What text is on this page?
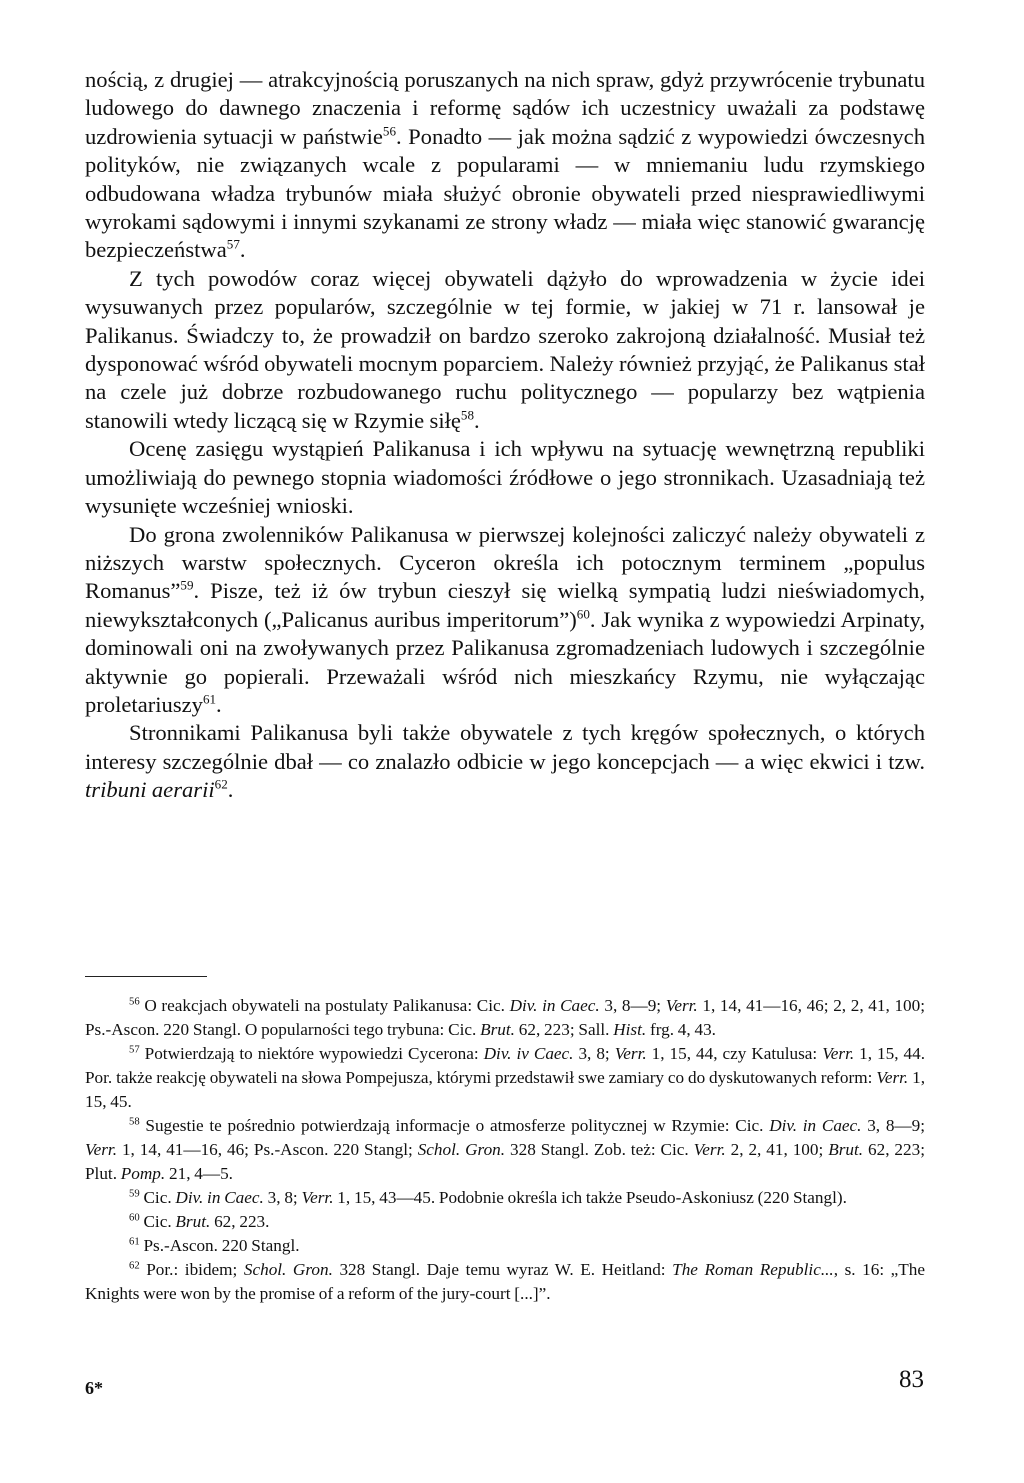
nością, z drugiej — atrakcyjnością poruszanych na nich spraw, gdyż przywrócenie trybunatu ludowego do dawnego znaczenia i reformę sądów ich uczestnicy uważali za podstawę uzdrowienia sytuacji w państwie$^{56}$. Ponadto — jak można sądzić z wypowiedzi ówczesnych polityków, nie związanych wcale z popularami — w mniemaniu ludu rzymskiego odbudowana władza trybunów miała służyć obronie obywateli przed niesprawiedliwymi wyrokami sądowymi i innymi szykanami ze strony władz — miała więc stanowić gwarancję bezpieczeństwa$^{57}$.

Z tych powodów coraz więcej obywateli dążyło do wprowadzenia w życie idei wysuwanych przez popularów, szczególnie w tej formie, w jakiej w 71 r. lansował je Palikanus. Świadczy to, że prowadził on bardzo szeroko zakrojoną działalność. Musiał też dysponować wśród obywateli mocnym poparciem. Należy również przyjąć, że Palikanus stał na czele już dobrze rozbudowanego ruchu politycznego — popularzy bez wątpienia stanowili wtedy liczącą się w Rzymie siłę$^{58}$.

Ocenę zasięgu wystąpień Palikanusa i ich wpływu na sytuację wewnętrzną republiki umożliwiają do pewnego stopnia wiadomości źródłowe o jego stronnikach. Uzasadniają też wysunięte wcześniej wnioski.

Do grona zwolenników Palikanusa w pierwszej kolejności zaliczyć należy obywateli z niższych warstw społecznych. Cyceron określa ich potocznym terminem „populus Romanus”$^{59}$. Pisze, też iż ów trybun cieszył się wielką sympatią ludzi nieświadomych, niewykształconych („Palicanus auribus imperitorum”)$^{60}$. Jak wynika z wypowiedzi Arpinaty, dominowali oni na zwoływanych przez Palikanusa zgromadzeniach ludowych i szczególnie aktywnie go popierali. Przeważali wśród nich mieszkańcy Rzymu, nie wyłączając proletariuszy$^{61}$.

Stronnikami Palikanusa byli także obywatele z tych kręgów społecznych, o których interesy szczególnie dbał — co znalazło odbicie w jego koncepcjach — a więc ekwici i tzw. tribuni aerarii$^{62}$.

$^{56}$ O reakcjach obywateli na postulaty Palikanusa: Cic. Div. in Caec. 3, 8—9; Verr. 1, 14, 41—16, 46; 2, 2, 41, 100; Ps.-Ascon. 220 Stangl. O popularności tego trybuna: Cic. Brut. 62, 223; Sall. Hist. frg. 4, 43.

$^{57}$ Potwierdzają to niektóre wypowiedzi Cycerona: Div. iv Caec. 3, 8; Verr. 1, 15, 44, czy Katulusa: Verr. 1, 15, 44. Por. także reakcję obywateli na słowa Pompejusza, którymi przedstawił swe zamiary co do dyskutowanych reform: Verr. 1, 15, 45.

$^{58}$ Sugestie te pośrednio potwierdzają informacje o atmosferze politycznej w Rzymie: Cic. Div. in Caec. 3, 8—9; Verr. 1, 14, 41—16, 46; Ps.-Ascon. 220 Stangl; Schol. Gron. 328 Stangl. Zob. też: Cic. Verr. 2, 2, 41, 100; Brut. 62, 223; Plut. Pomp. 21, 4—5.

$^{59}$ Cic. Div. in Caec. 3, 8; Verr. 1, 15, 43—45. Podobnie określa ich także Pseudo-Askoniusz (220 Stangl).

$^{60}$ Cic. Brut. 62, 223.

$^{61}$ Ps.-Ascon. 220 Stangl.

$^{62}$ Por.: ibidem; Schol. Gron. 328 Stangl. Daje temu wyraz W. E. Heitland: The Roman Republic..., s. 16: „The Knights were won by the promise of a reform of the jury-court [...]”.

6*	83
